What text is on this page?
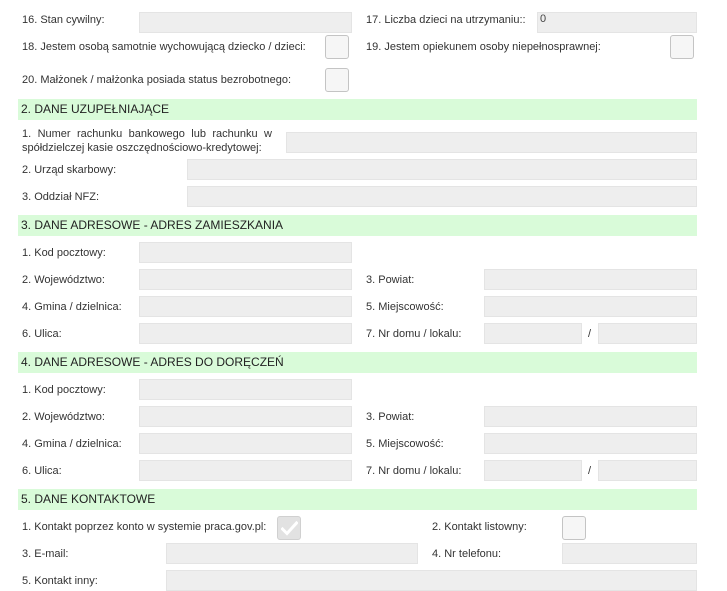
16. Stan cywilny:	17. Liczba dzieci na utrzymaniu:: 0
18. Jestem osobą samotnie wychowującą dziecko / dzieci:	19. Jestem opiekunem osoby niepełnosprawnej:
20. Małżonek / małżonka posiada status bezrobotnego:
2. DANE UZUPEŁNIAJĄCE
1. Numer rachunku bankowego lub rachunku w spółdzielczej kasie oszczędnościowo-kredytowej:
2. Urząd skarbowy:
3. Oddział NFZ:
3. DANE ADRESOWE - ADRES ZAMIESZKANIA
1. Kod pocztowy:
2. Województwo:	3. Powiat:
4. Gmina / dzielnica:	5. Miejscowość:
6. Ulica:	7. Nr domu / lokalu:	/
4. DANE ADRESOWE - ADRES DO DORĘCZEŃ
1. Kod pocztowy:
2. Województwo:	3. Powiat:
4. Gmina / dzielnica:	5. Miejscowość:
6. Ulica:	7. Nr domu / lokalu:	/
5. DANE KONTAKTOWE
1. Kontakt poprzez konto w systemie praca.gov.pl:	2. Kontakt listowny:
3. E-mail:	4. Nr telefonu:
5. Kontakt inny:
